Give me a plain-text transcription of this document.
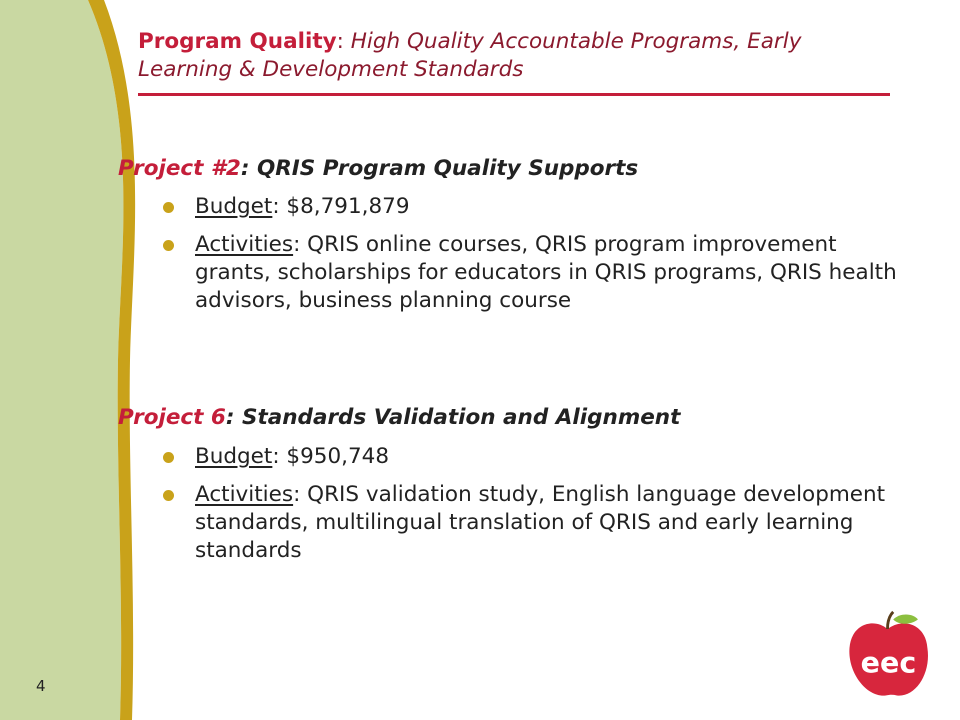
Program Quality: High Quality Accountable Programs, Early Learning & Development Standards
Project #2: QRIS Program Quality Supports
Budget: $8,791,879
Activities: QRIS online courses, QRIS program improvement grants, scholarships for educators in QRIS programs, QRIS health advisors, business planning course
Project 6: Standards Validation and Alignment
Budget: $950,748
Activities: QRIS validation study, English language development standards, multilingual translation of QRIS and early learning standards
4
eec
